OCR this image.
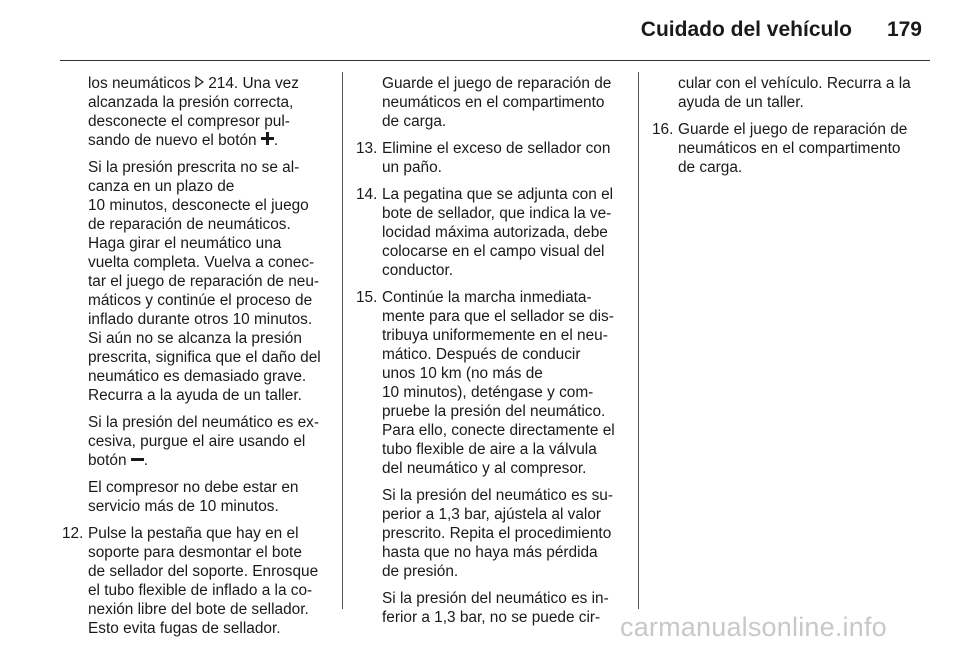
Cuidado del vehículo 179

los neumáticos  214. Una vez
alcanzada la presión correcta,
desconecte el compresor pul-
sando de nuevo el botón .

Si la presión prescrita no se al-
canza en un plazo de
10 minutos, desconecte el juego
de reparación de neumáticos.
Haga girar el neumático una
vuelta completa. Vuelva a conec-
tar el juego de reparación de neu-
máticos y continúe el proceso de
inflado durante otros 10 minutos.
Si aún no se alcanza la presión
prescrita, significa que el daño del
neumático es demasiado grave.
Recurra a la ayuda de un taller.

Si la presión del neumático es ex-
cesiva, purgue el aire usando el
botón .

El compresor no debe estar en
servicio más de 10 minutos.

12. Pulse la pestaña que hay en el
soporte para desmontar el bote
de sellador del soporte. Enrosque
el tubo flexible de inflado a la co-
nexión libre del bote de sellador.
Esto evita fugas de sellador.

Guarde el juego de reparación de
neumáticos en el compartimento
de carga.

13. Elimine el exceso de sellador con
un paño.
14. La pegatina que se adjunta con el
bote de sellador, que indica la ve-
locidad máxima autorizada, debe
colocarse en el campo visual del
conductor.
15. Continúe la marcha inmediata-
mente para que el sellador se dis-
tribuya uniformemente en el neu-
mático. Después de conducir
unos 10 km (no más de
10 minutos), deténgase y com-
pruebe la presión del neumático.
Para ello, conecte directamente el
tubo flexible de aire a la válvula
del neumático y al compresor.

Si la presión del neumático es su-
perior a 1,3 bar, ajústela al valor
prescrito. Repita el procedimiento
hasta que no haya más pérdida
de presión.

Si la presión del neumático es in-
ferior a 1,3 bar, no se puede cir-

cular con el vehículo. Recurra a la
ayuda de un taller.

16. Guarde el juego de reparación de
neumáticos en el compartimento
de carga.
carmanualsonline.info
